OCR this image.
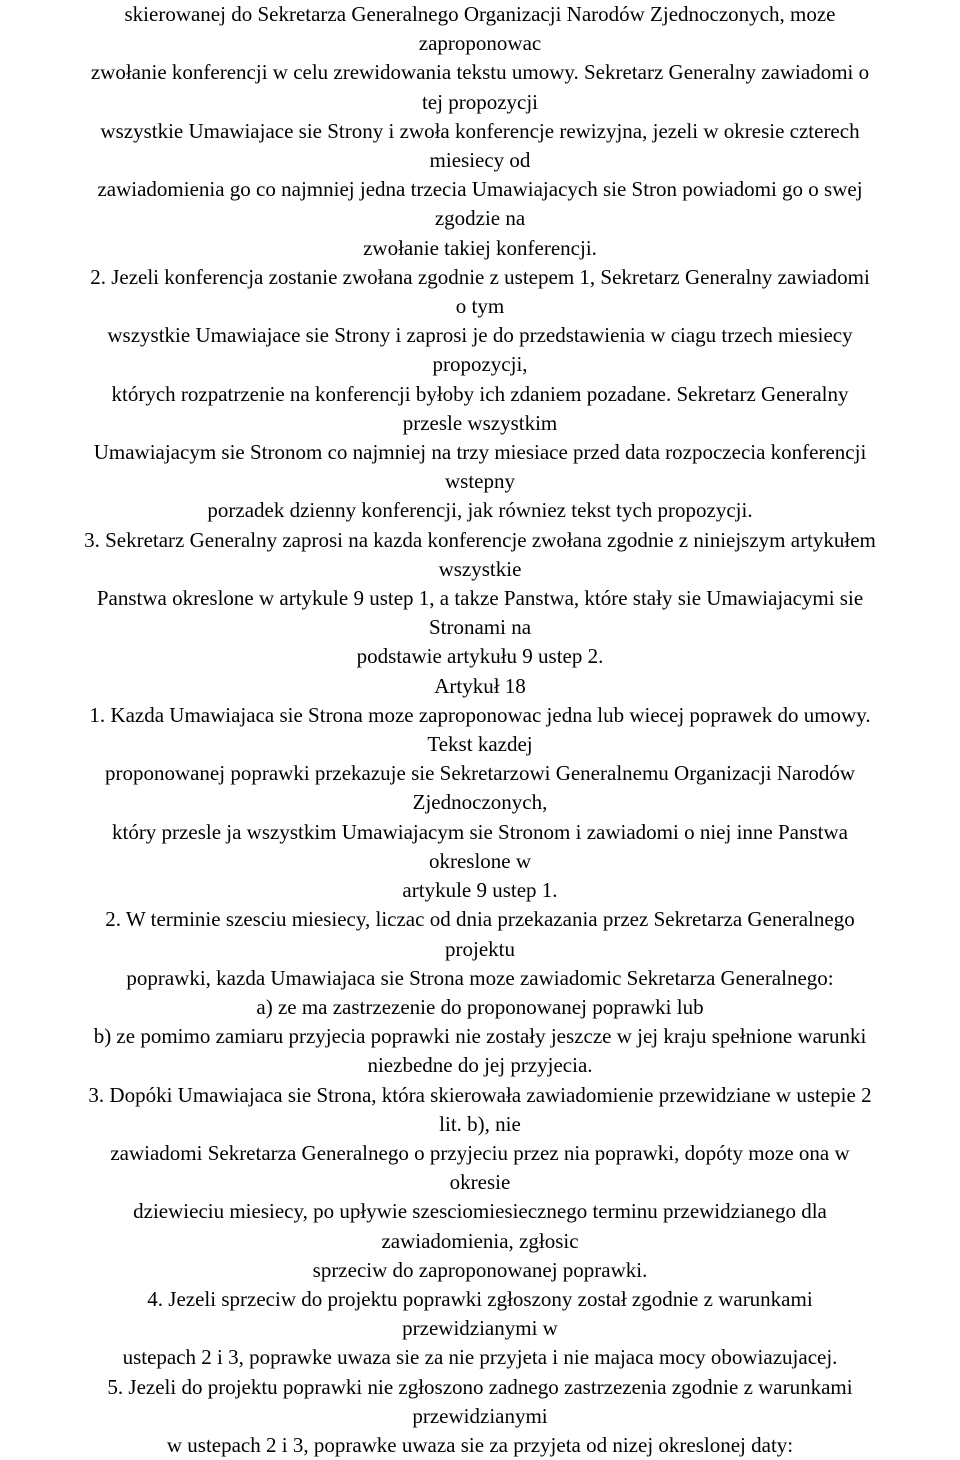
skierowanej do Sekretarza Generalnego Organizacji Narodów Zjednoczonych, moze
zaproponowac
zwołanie konferencji w celu zrewidowania tekstu umowy. Sekretarz Generalny zawiadomi o
tej propozycji
wszystkie Umawiajace sie Strony i zwoła konferencje rewizyjna, jezeli w okresie czterech
miesiecy od
zawiadomienia go co najmniej jedna trzecia Umawiajacych sie Stron powiadomi go o swej
zgodzie na
zwołanie takiej konferencji.
2. Jezeli konferencja zostanie zwołana zgodnie z ustepem 1, Sekretarz Generalny zawiadomi
o tym
wszystkie Umawiajace sie Strony i zaprosi je do przedstawienia w ciagu trzech miesiecy
propozycji,
których rozpatrzenie na konferencji byłoby ich zdaniem pozadane. Sekretarz Generalny
przesle wszystkim
Umawiajacym sie Stronom co najmniej na trzy miesiace przed data rozpoczecia konferencji
wstepny
porzadek dzienny konferencji, jak równiez tekst tych propozycji.
3. Sekretarz Generalny zaprosi na kazda konferencje zwołana zgodnie z niniejszym artykułem
wszystkie
Panstwa okreslone w artykule 9 ustep 1, a takze Panstwa, które stały sie Umawiajacymi sie
Stronami na
podstawie artykułu 9 ustep 2.
Artykuł 18
1. Kazda Umawiajaca sie Strona moze zaproponowac jedna lub wiecej poprawek do umowy.
Tekst kazdej
proponowanej poprawki przekazuje sie Sekretarzowi Generalnemu Organizacji Narodów
Zjednoczonych,
który przesle ja wszystkim Umawiajacym sie Stronom i zawiadomi o niej inne Panstwa
okreslone w
artykule 9 ustep 1.
2. W terminie szesciu miesiecy, liczac od dnia przekazania przez Sekretarza Generalnego
projektu
poprawki, kazda Umawiajaca sie Strona moze zawiadomic Sekretarza Generalnego:
a) ze ma zastrzezenie do proponowanej poprawki lub
b) ze pomimo zamiaru przyjecia poprawki nie zostały jeszcze w jej kraju spełnione warunki
niezbedne do jej przyjecia.
3. Dopóki Umawiajaca sie Strona, która skierowała zawiadomienie przewidziane w ustepie 2
lit. b), nie
zawiadomi Sekretarza Generalnego o przyjeciu przez nia poprawki, dopóty moze ona w
okresie
dziewieciu miesiecy, po upływie szesciomiesiecznego terminu przewidzianego dla
zawiadomienia, zgłosic
sprzeciw do zaproponowanej poprawki.
4. Jezeli sprzeciw do projektu poprawki zgłoszony został zgodnie z warunkami
przewidzianymi w
ustepach 2 i 3, poprawke uwaza sie za nie przyjeta i nie majaca mocy obowiazujacej.
5. Jezeli do projektu poprawki nie zgłoszono zadnego zastrzezenia zgodnie z warunkami
przewidzianymi
w ustepach 2 i 3, poprawke uwaza sie za przyjeta od nizej okreslonej daty:
